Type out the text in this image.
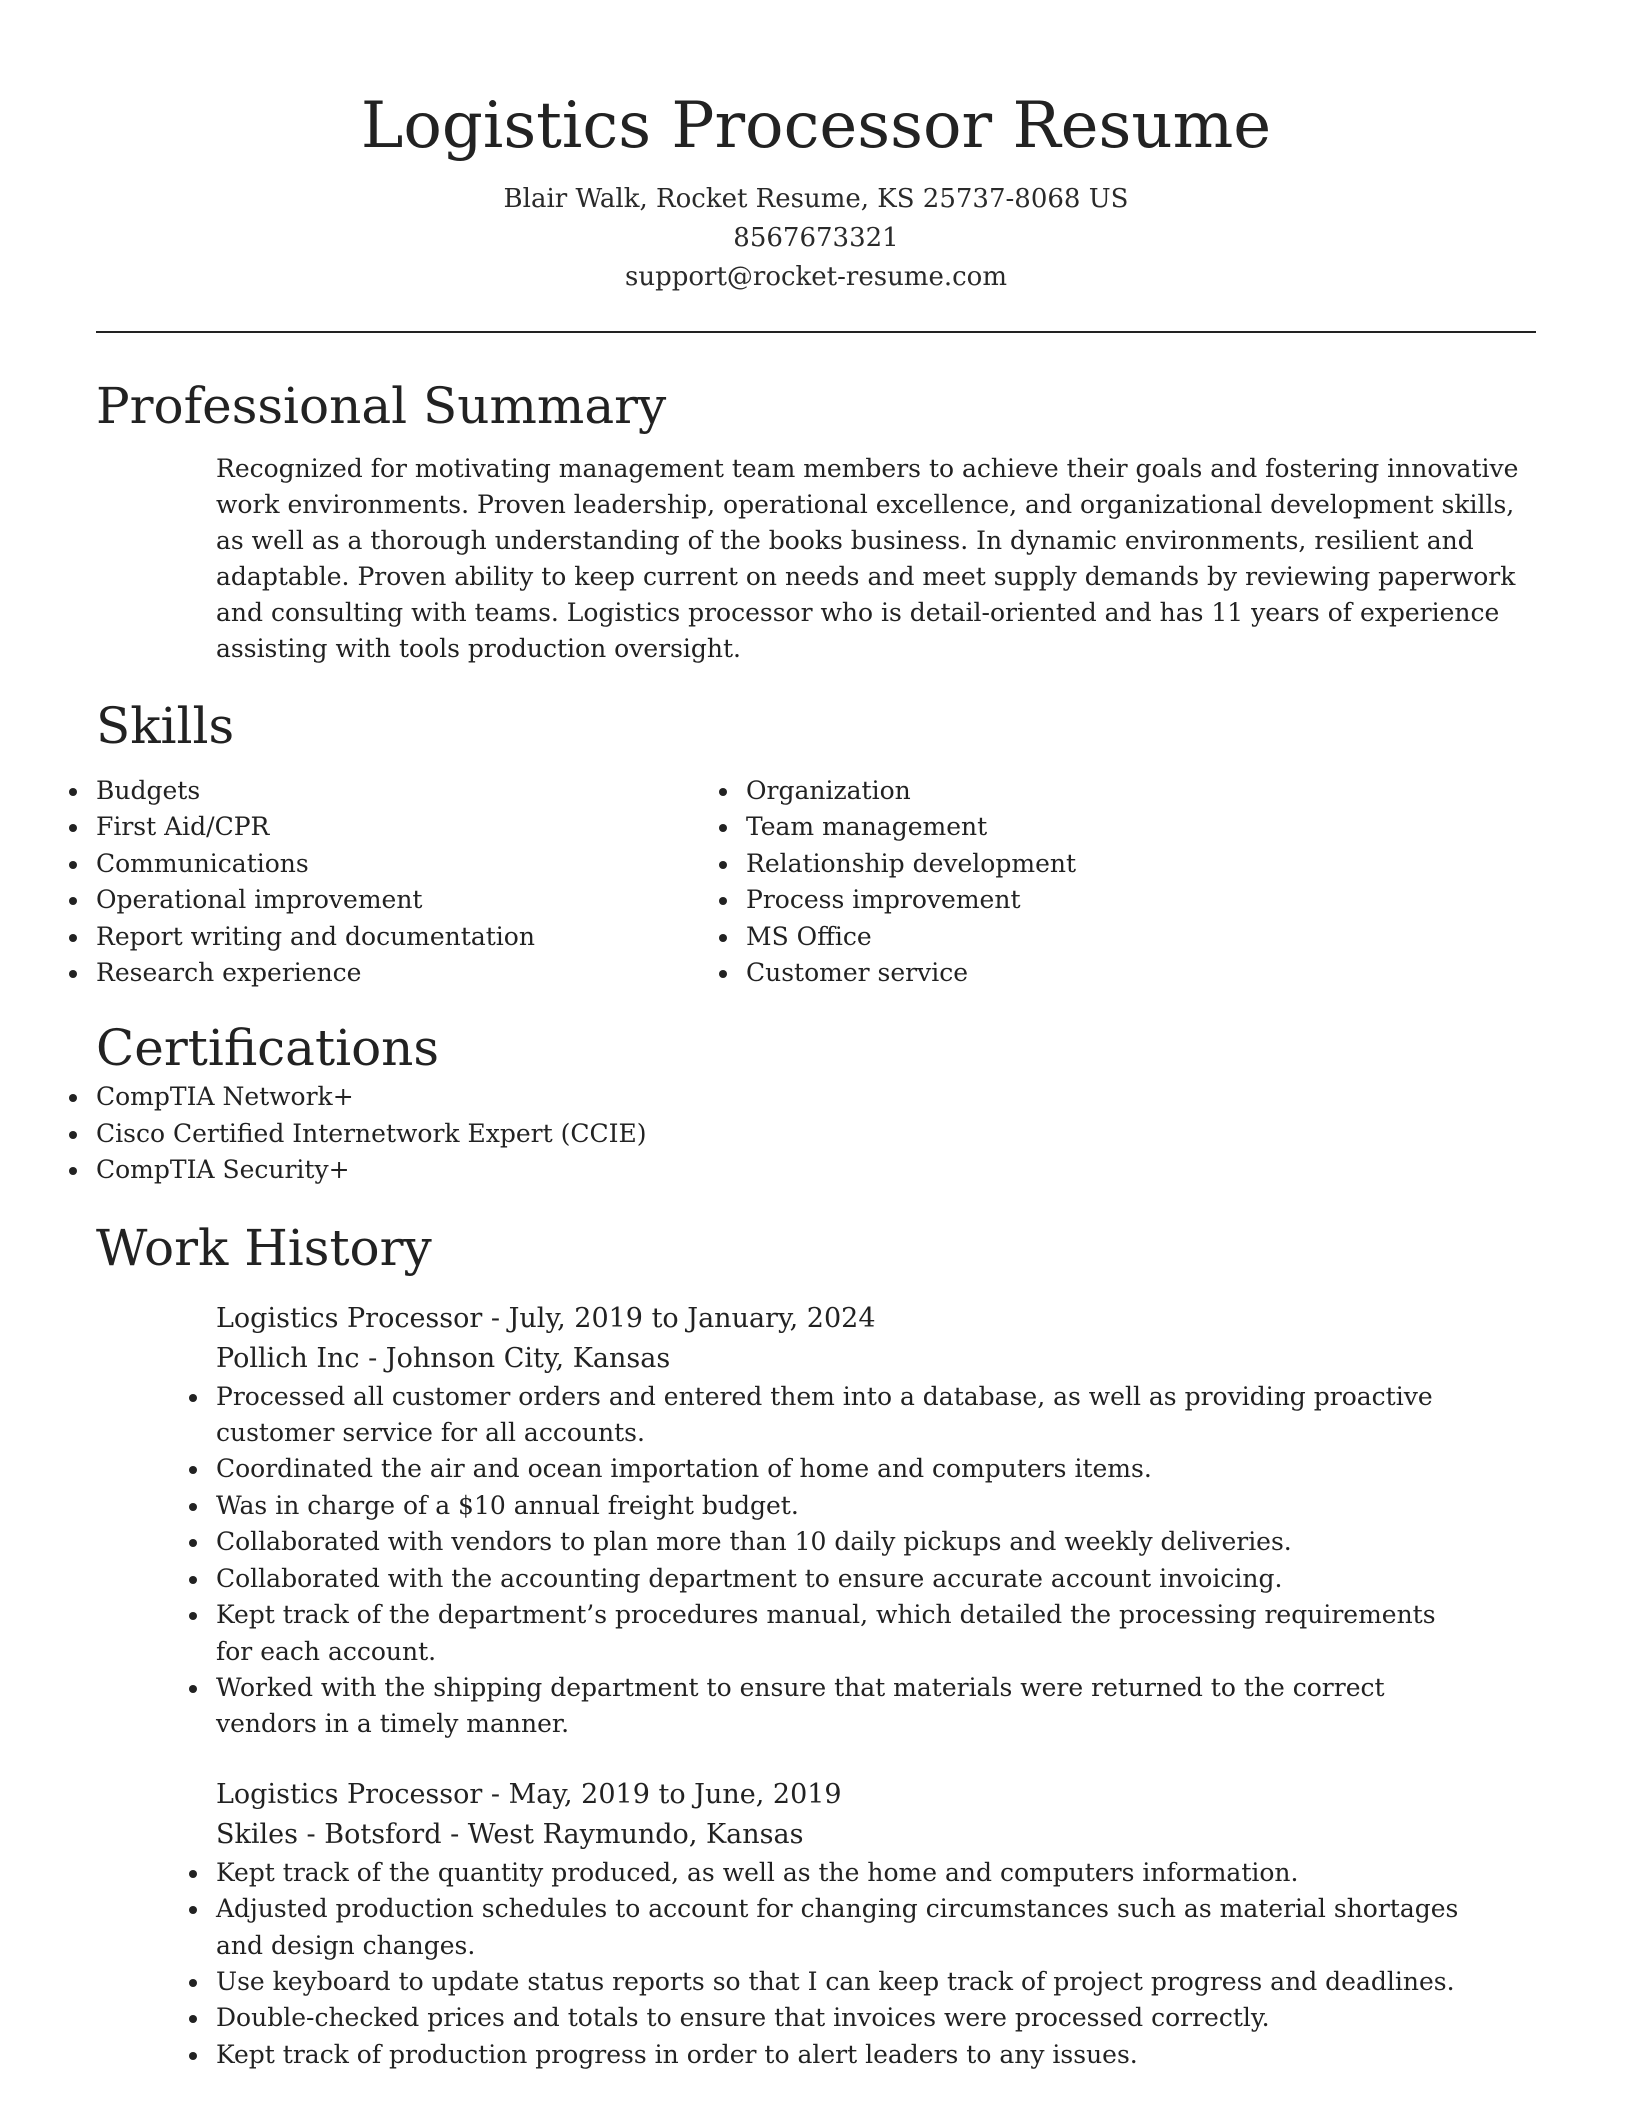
Logistics Processor Resume
Blair Walk, Rocket Resume, KS 25737-8068 US
8567673321
support@rocket-resume.com
Professional Summary

Recognized for motivating management team members to achieve their goals and fostering innovative work environments. Proven leadership, operational excellence, and organizational development skills, as well as a thorough understanding of the books business. In dynamic environments, resilient and adaptable. Proven ability to keep current on needs and meet supply demands by reviewing paperwork and consulting with teams. Logistics processor who is detail-oriented and has 11 years of experience assisting with tools production oversight.

Skills
Budgets
First Aid/CPR
Communications
Operational improvement
Report writing and documentation
Research experience
Organization
Team management
Relationship development
Process improvement
MS Office
Customer service
Certifications
CompTIA Network+
Cisco Certified Internetwork Expert (CCIE)
CompTIA Security+
Work History
Logistics Processor - July, 2019 to January, 2024
Pollich Inc - Johnson City, Kansas
Processed all customer orders and entered them into a database, as well as providing proactive customer service for all accounts.
Coordinated the air and ocean importation of home and computers items.
Was in charge of a $10 annual freight budget.
Collaborated with vendors to plan more than 10 daily pickups and weekly deliveries.
Collaborated with the accounting department to ensure accurate account invoicing.
Kept track of the department’s procedures manual, which detailed the processing requirements for each account.
Worked with the shipping department to ensure that materials were returned to the correct vendors in a timely manner.
Logistics Processor - May, 2019 to June, 2019
Skiles - Botsford - West Raymundo, Kansas
Kept track of the quantity produced, as well as the home and computers information.
Adjusted production schedules to account for changing circumstances such as material shortages and design changes.
Use keyboard to update status reports so that I can keep track of project progress and deadlines.
Double-checked prices and totals to ensure that invoices were processed correctly.
Kept track of production progress in order to alert leaders to any issues.
